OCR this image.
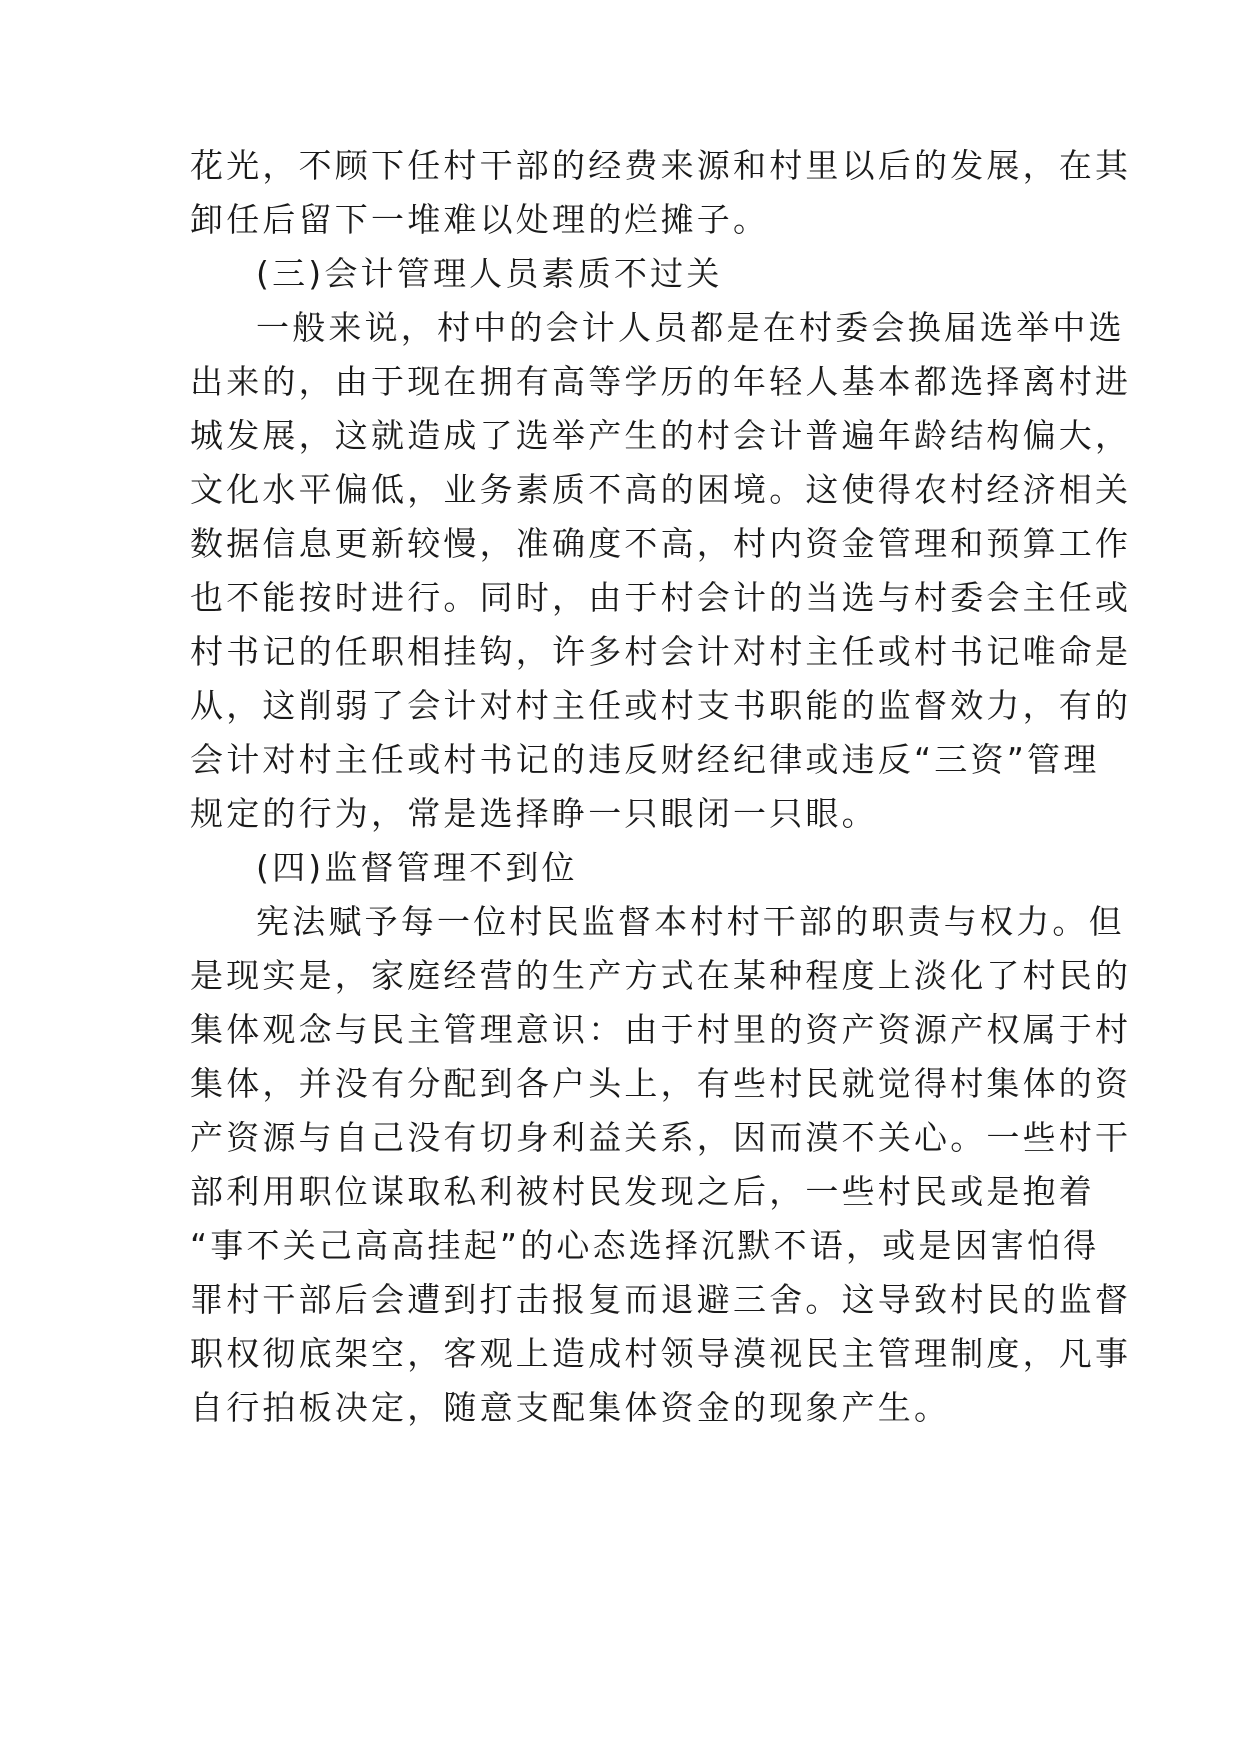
花光，不顾下任村干部的经费来源和村里以后的发展，在其

卸任后留下一堆难以处理的烂摊子。

(三)会计管理人员素质不过关

一般来说，村中的会计人员都是在村委会换届选举中选

出来的，由于现在拥有高等学历的年轻人基本都选择离村进

城发展，这就造成了选举产生的村会计普遍年龄结构偏大，

文化水平偏低，业务素质不高的困境。这使得农村经济相关

数据信息更新较慢，准确度不高，村内资金管理和预算工作

也不能按时进行。同时，由于村会计的当选与村委会主任或

村书记的任职相挂钩，许多村会计对村主任或村书记唯命是

从，这削弱了会计对村主任或村支书职能的监督效力，有的

会计对村主任或村书记的违反财经纪律或违反“三资”管理

规定的行为，常是选择睁一只眼闭一只眼。

(四)监督管理不到位

宪法赋予每一位村民监督本村村干部的职责与权力。但

是现实是，家庭经营的生产方式在某种程度上淡化了村民的

集体观念与民主管理意识：由于村里的资产资源产权属于村

集体，并没有分配到各户头上，有些村民就觉得村集体的资

产资源与自己没有切身利益关系，因而漠不关心。一些村干

部利用职位谋取私利被村民发现之后，一些村民或是抱着

“事不关己高高挂起”的心态选择沉默不语，或是因害怕得

罪村干部后会遭到打击报复而退避三舍。这导致村民的监督

职权彻底架空，客观上造成村领导漠视民主管理制度，凡事

自行拍板决定，随意支配集体资金的现象产生。
